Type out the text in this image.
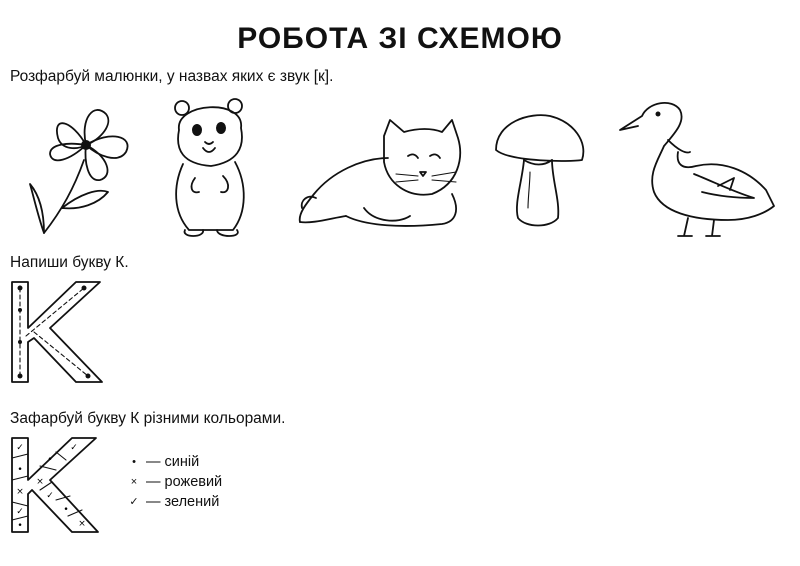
РОБОТА ЗІ СХЕМОЮ
Розфарбуй малюнки, у назвах яких є звук [к].
Напиши букву К.
Зафарбуй букву К різними кольорами.
✓
•
×
✓
•
×
•
✓
✓
•
×
• — синій
× — рожевий
✓ — зелений
